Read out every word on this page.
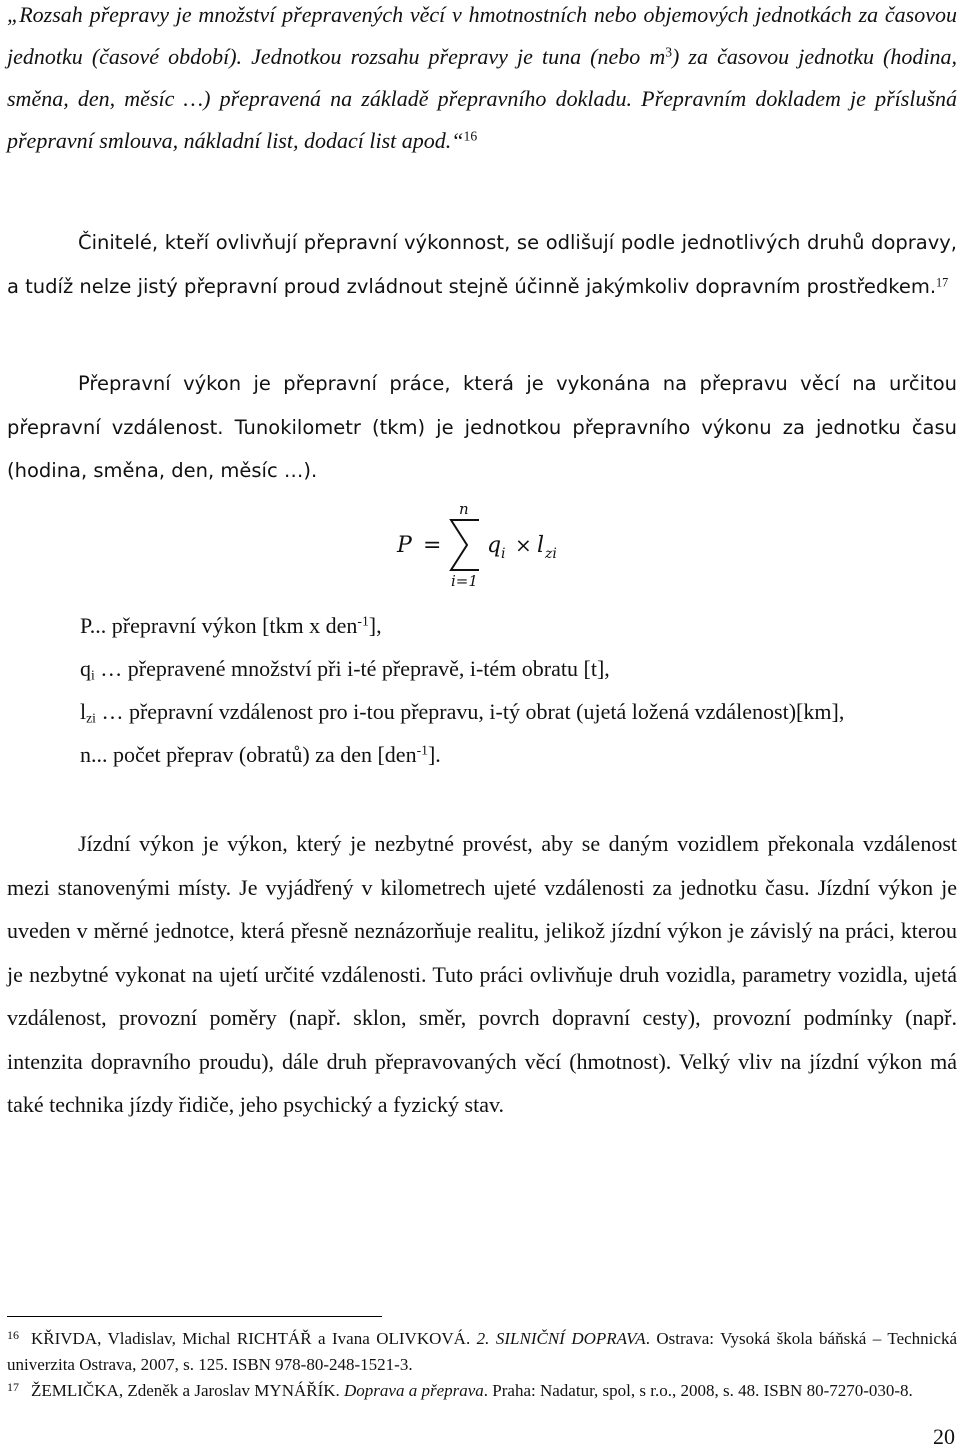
„Rozsah přepravy je množství přepravených věcí v hmotnostních nebo objemových jednotkách za časovou jednotku (časové období). Jednotkou rozsahu přepravy je tuna (nebo $m^3$) za časovou jednotku (hodina, směna, den, měsíc …) přepravená na základě přepravního dokladu. Přepravním dokladem je příslušná přepravní smlouva, nákladní list, dodací list apod.“$^{16}$

Činitelé, kteří ovlivňují přepravní výkonnost, se odlišují podle jednotlivých druhů dopravy, a tudíž nelze jistý přepravní proud zvládnout stejně účinně jakýmkoliv dopravním prostředkem.$^{17}$

Přepravní výkon je přepravní práce, která je vykonána na přepravu věcí na určitou přepravní vzdálenost. Tunokilometr (tkm) je jednotkou přepravního výkonu za jednotku času (hodina, směna, den, měsíc …).

P =
n
i=1
q i × l zi
P... přepravní výkon [tkm x den$^{-1}$],
$q_i$ … přepravené množství při i-té přepravě, i-tém obratu [t],
$l_{zi}$ … přepravní vzdálenost pro i-tou přepravu, i-tý obrat (ujetá ložená vzdálenost)[km],
n... počet přeprav (obratů) za den [den$^{-1}$].

Jízdní výkon je výkon, který je nezbytné provést, aby se daným vozidlem překonala vzdálenost mezi stanovenými místy. Je vyjádřený v kilometrech ujeté vzdálenosti za jednotku času. Jízdní výkon je uveden v měrné jednotce, která přesně neznázorňuje realitu, jelikož jízdní výkon je závislý na práci, kterou je nezbytné vykonat na ujetí určité vzdálenosti. Tuto práci ovlivňuje druh vozidla, parametry vozidla, ujetá vzdálenost, provozní poměry (např. sklon, směr, povrch dopravní cesty), provozní podmínky (např. intenzita dopravního proudu), dále druh přepravovaných věcí (hmotnost). Velký vliv na jízdní výkon má také technika jízdy řidiče, jeho psychický a fyzický stav.

$^{16}$ KŘIVDA, Vladislav, Michal RICHTÁŘ a Ivana OLIVKOVÁ. 2. SILNIČNÍ DOPRAVA. Ostrava: Vysoká škola báňská – Technická univerzita Ostrava, 2007, s. 125. ISBN 978-80-248-1521-3.

$^{17}$ ŽEMLIČKA, Zdeněk a Jaroslav MYNÁŘÍK. Doprava a přeprava. Praha: Nadatur, spol, s r.o., 2008, s. 48. ISBN 80-7270-030-8.

20
